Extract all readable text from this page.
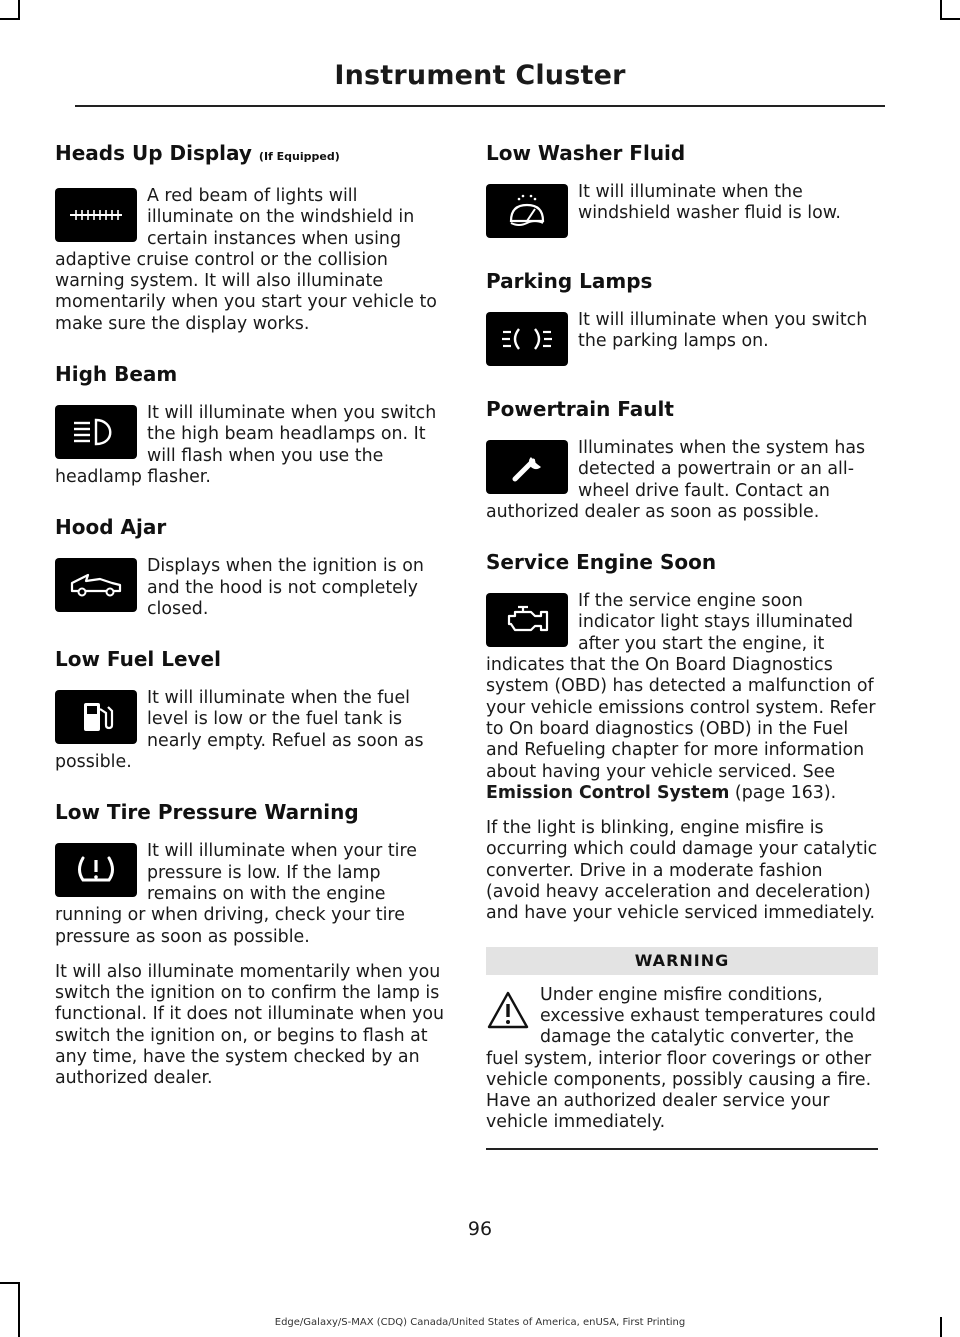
Instrument Cluster
Heads Up Display (If Equipped)

A red beam of lights will illuminate on the windshield in certain instances when using adaptive cruise control or the collision warning system. It will also illuminate momentarily when you start your vehicle to make sure the display works.

High Beam

It will illuminate when you switch the high beam headlamps on. It will flash when you use the headlamp flasher.

Hood Ajar

Displays when the ignition is on and the hood is not completely closed.

Low Fuel Level

It will illuminate when the fuel level is low or the fuel tank is nearly empty. Refuel as soon as possible.

Low Tire Pressure Warning

It will illuminate when your tire pressure is low. If the lamp remains on with the engine running or when driving, check your tire pressure as soon as possible.

It will also illuminate momentarily when you switch the ignition on to confirm the lamp is functional. If it does not illuminate when you switch the ignition on, or begins to flash at any time, have the system checked by an authorized dealer.

Low Washer Fluid

It will illuminate when the windshield washer fluid is low.

Parking Lamps

It will illuminate when you switch the parking lamps on.

Powertrain Fault

Illuminates when the system has detected a powertrain or an all-wheel drive fault. Contact an authorized dealer as soon as possible.

Service Engine Soon

If the service engine soon indicator light stays illuminated after you start the engine, it indicates that the On Board Diagnostics system (OBD) has detected a malfunction of your vehicle emissions control system. Refer to On board diagnostics (OBD) in the Fuel and Refueling chapter for more information about having your vehicle serviced. See Emission Control System (page 163).

If the light is blinking, engine misfire is occurring which could damage your catalytic converter. Drive in a moderate fashion (avoid heavy acceleration and deceleration) and have your vehicle serviced immediately.

WARNING

Under engine misfire conditions, excessive exhaust temperatures could damage the catalytic converter, the fuel system, interior floor coverings or other vehicle components, possibly causing a fire. Have an authorized dealer service your vehicle immediately.

96
Edge/Galaxy/S-MAX (CDQ) Canada/United States of America, enUSA, First Printing
